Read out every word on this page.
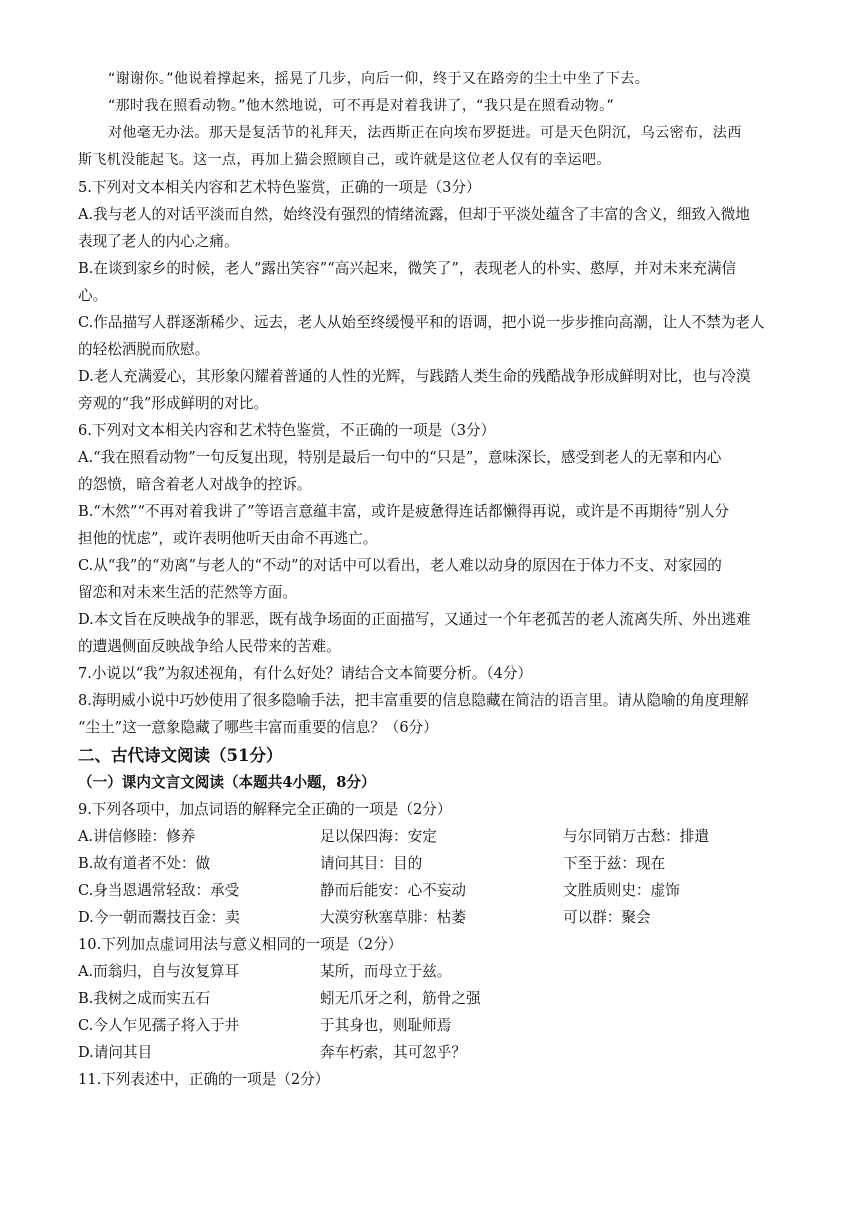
“谢谢你。”他说着撑起来，摇晃了几步，向后一仰，终于又在路旁的尘土中坐了下去。
“那时我在照看动物。”他木然地说，可不再是对着我讲了，“我只是在照看动物。”
对他毫无办法。那天是复活节的礼拜天，法西斯正在向埃布罗挺进。可是天色阴沉，乌云密布，法西
斯飞机没能起飞。这一点，再加上猫会照顾自己，或许就是这位老人仅有的幸运吧。
5.下列对文本相关内容和艺术特色鉴赏，正确的一项是（3分）
A.我与老人的对话平淡而自然，始终没有强烈的情绪流露，但却于平淡处蕴含了丰富的含义，细致入微地
表现了老人的内心之痛。
B.在谈到家乡的时候，老人“露出笑容”“高兴起来，微笑了”，表现老人的朴实、憨厚，并对未来充满信
心。
C.作品描写人群逐渐稀少、远去，老人从始至终缓慢平和的语调，把小说一步步推向高潮，让人不禁为老人
的轻松洒脱而欣慰。
D.老人充满爱心，其形象闪耀着普通的人性的光辉，与践踏人类生命的残酷战争形成鲜明对比，也与冷漠
旁观的“我”形成鲜明的对比。
6.下列对文本相关内容和艺术特色鉴赏，不正确的一项是（3分）
A.“我在照看动物”一句反复出现，特别是最后一句中的“只是”，意味深长，感受到老人的无辜和内心
的怨愤，暗含着老人对战争的控诉。
B.“木然”“不再对着我讲了”等语言意蕴丰富，或许是疲惫得连话都懒得再说，或许是不再期待“别人分
担他的忧虑”，或许表明他听天由命不再逃亡。
C.从“我”的“劝离”与老人的“不动”的对话中可以看出，老人难以动身的原因在于体力不支、对家园的
留恋和对未来生活的茫然等方面。
D.本文旨在反映战争的罪恶，既有战争场面的正面描写，又通过一个年老孤苦的老人流离失所、外出逃难
的遭遇侧面反映战争给人民带来的苦难。
7.小说以“我”为叙述视角，有什么好处？请结合文本简要分析。（4分）
8.海明威小说中巧妙使用了很多隐喻手法，把丰富重要的信息隐藏在简洁的语言里。请从隐喻的角度理解
“尘土”这一意象隐藏了哪些丰富而重要的信息？（6分）
二、古代诗文阅读（51分）
（一）课内文言文阅读（本题共4小题，8分）
9.下列各项中，加点词语的解释完全正确的一项是（2分）
A.讲信修睦：修养	足以保四海：安定	与尔同销万古愁：排遣
B.故有道者不处：做	请问其目：目的	下至于兹：现在
C.身当恩遇常轻敌：承受	静而后能安：心不妄动	文胜质则史：虚饰
D.今一朝而鬻技百金：卖	大漠穷秋塞草腓：枯萎	可以群：聚会
10.下列加点虚词用法与意义相同的一项是（2分）
A.而翁归，自与汝复算耳	某所，而母立于兹。
B.我树之成而实五石	蚓无爪牙之利，筋骨之强
C.今人乍见孺子将入于井	于其身也，则耻师焉
D.请问其目	奔车朽索，其可忽乎？
11.下列表述中，正确的一项是（2分）
